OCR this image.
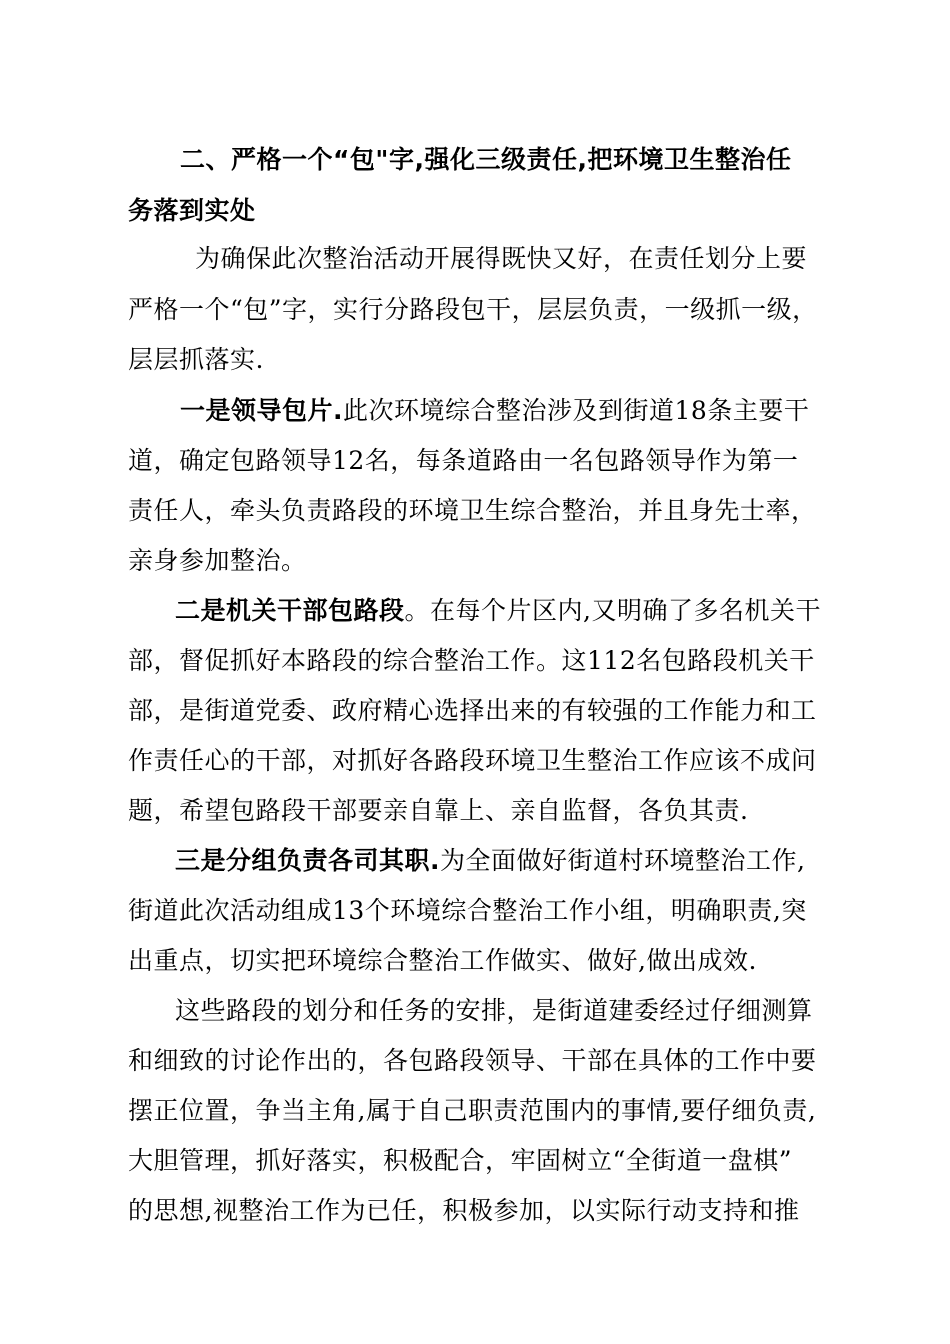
二、严格一个“包"字,强化三级责任,把环境卫生整治任
务落到实处
为确保此次整治活动开展得既快又好，在责任划分上要
严格一个“包”字，实行分路段包干，层层负责，一级抓一级，
层层抓落实.
一是领导包片.此次环境综合整治涉及到街道18条主要干
道，确定包路领导12名，每条道路由一名包路领导作为第一
责任人，牵头负责路段的环境卫生综合整治，并且身先士率，
亲身参加整治。
二是机关干部包路段。在每个片区内,又明确了多名机关干
部，督促抓好本路段的综合整治工作。这112名包路段机关干
部，是街道党委、政府精心选择出来的有较强的工作能力和工
作责任心的干部，对抓好各路段环境卫生整治工作应该不成问
题，希望包路段干部要亲自靠上、亲自监督，各负其责.
三是分组负责各司其职.为全面做好街道村环境整治工作,
街道此次活动组成13个环境综合整治工作小组，明确职责,突
出重点，切实把环境综合整治工作做实、做好,做出成效.
这些路段的划分和任务的安排，是街道建委经过仔细测算
和细致的讨论作出的，各包路段领导、干部在具体的工作中要
摆正位置，争当主角,属于自己职责范围内的事情,要仔细负责,
大胆管理，抓好落实，积极配合，牢固树立“全街道一盘棋”
的思想,视整治工作为已任，积极参加，以实际行动支持和推
